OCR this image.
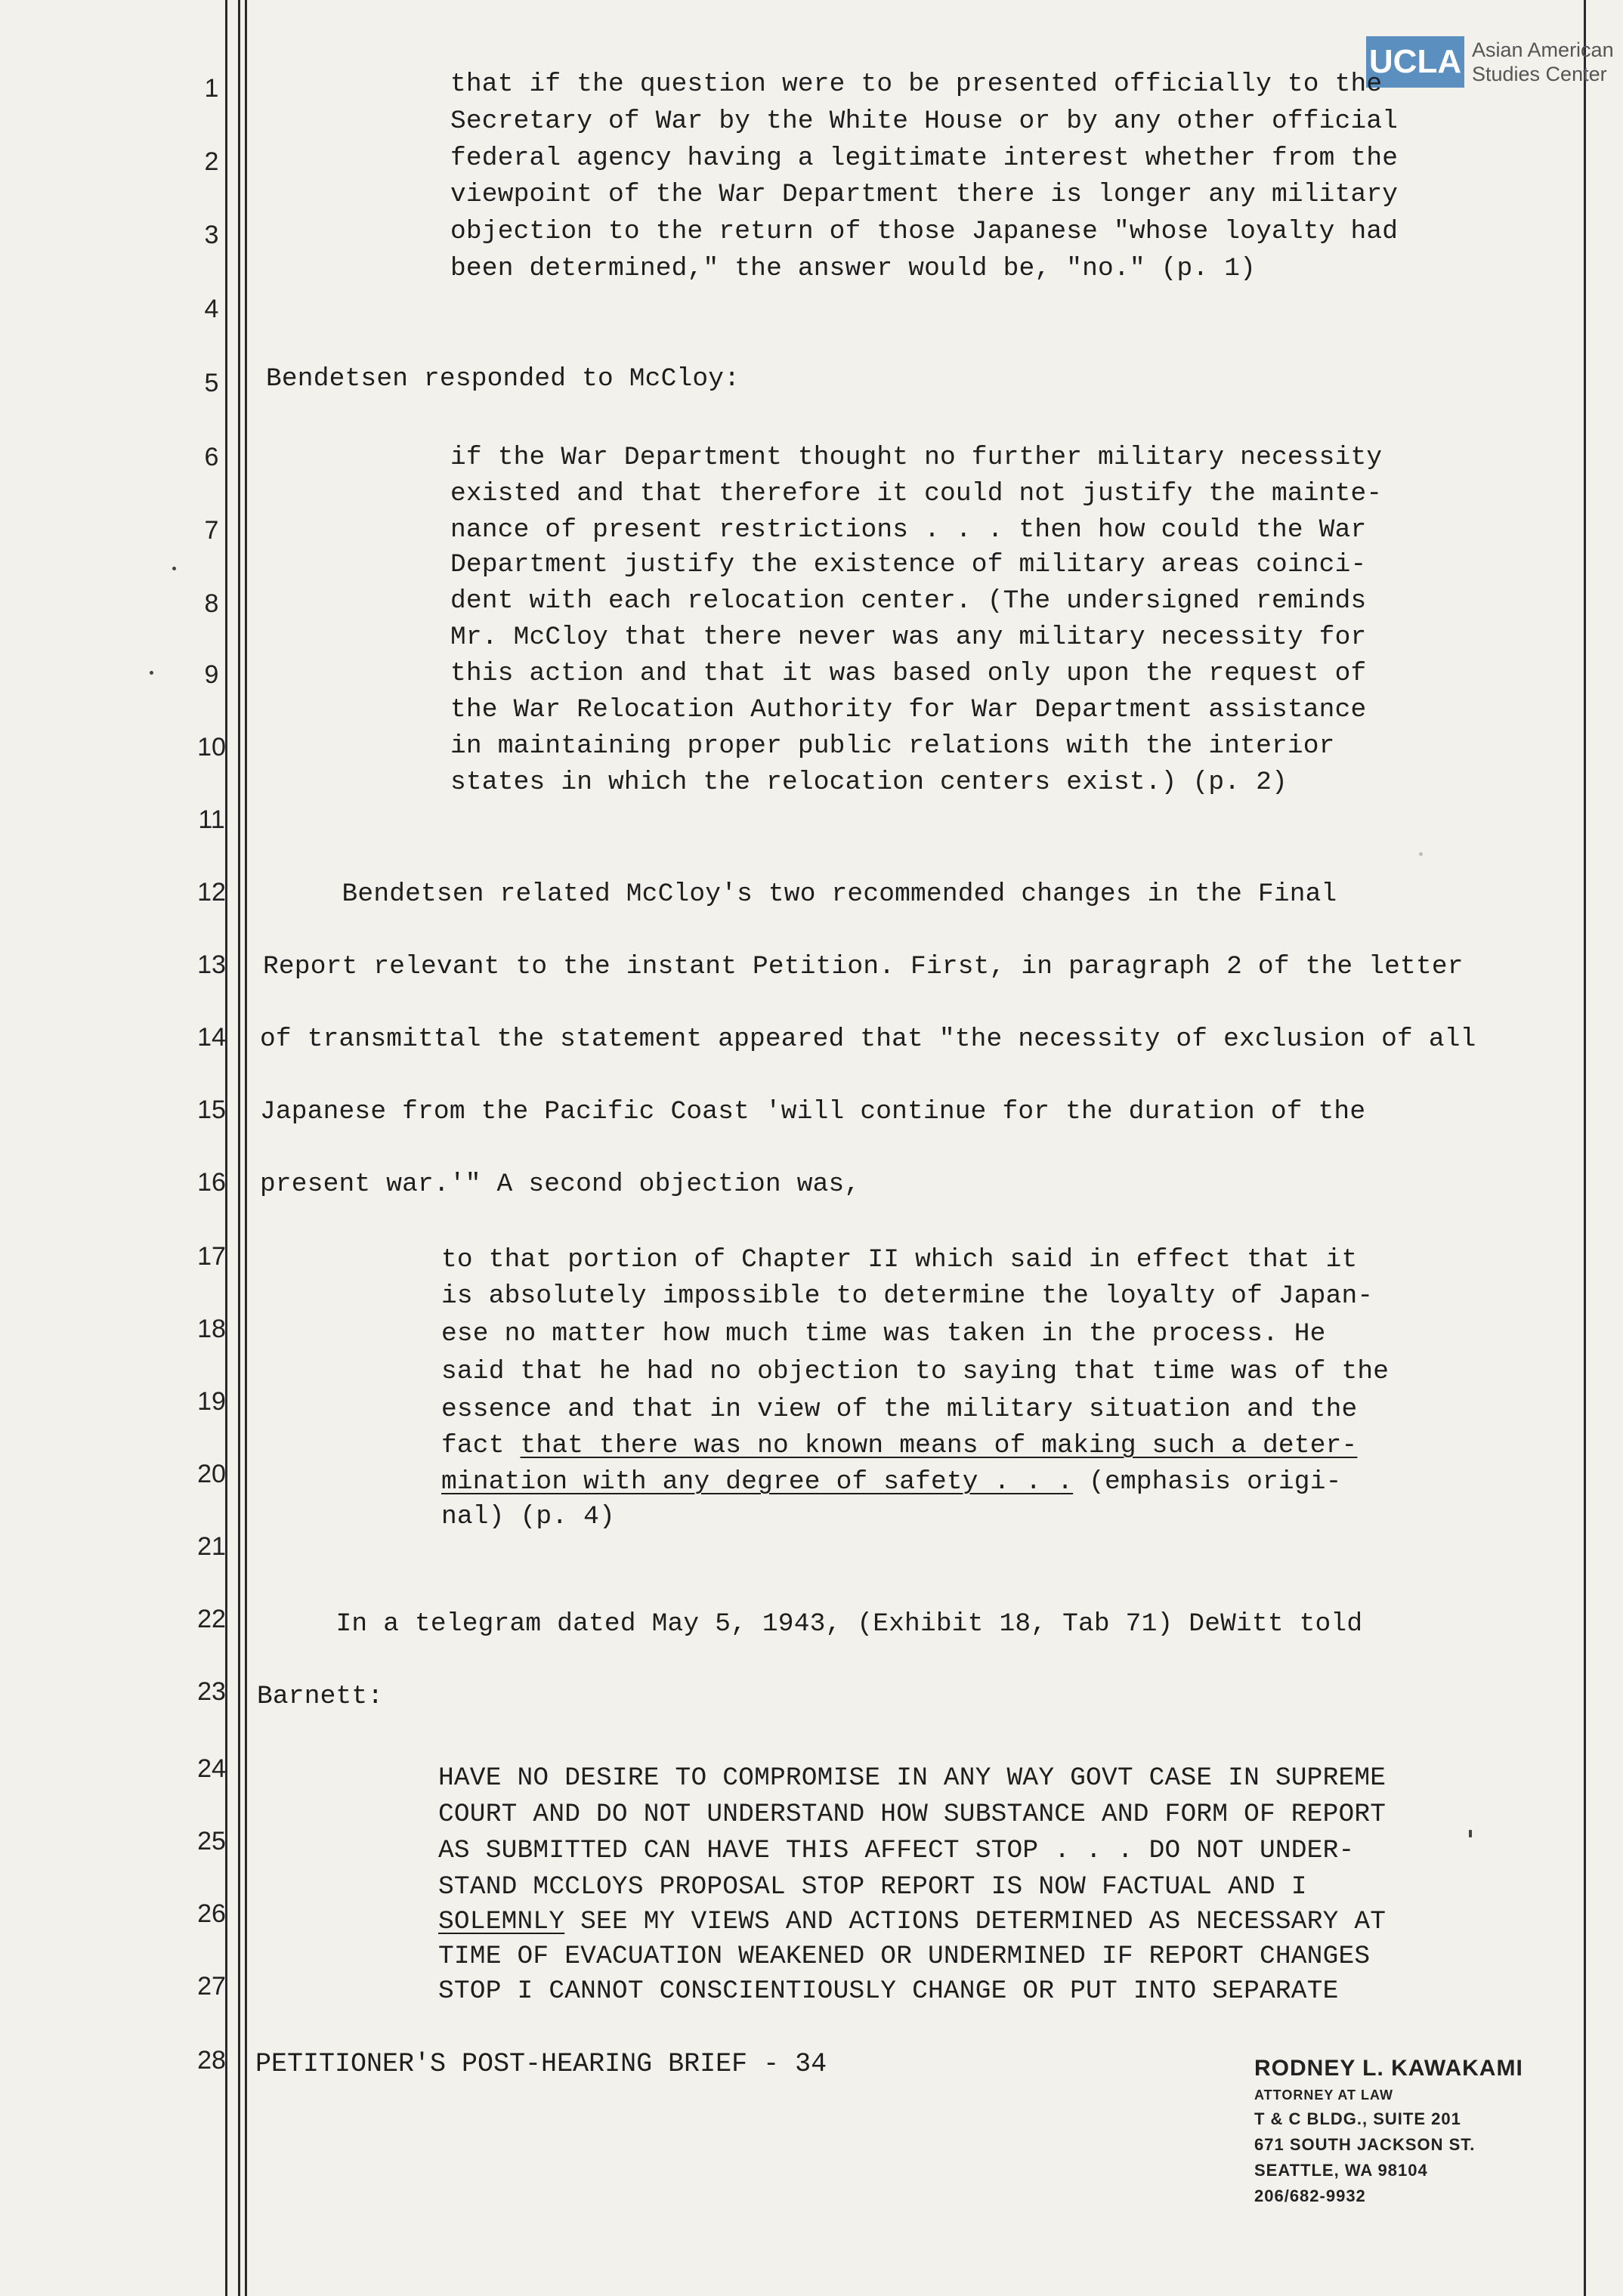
UCLA Asian American
Studies Center
1
2
3
4
5
6
7
8
9
10
11
12
13
14
15
16
17
18
19
20
21
22
23
24
25
26
27
28
that if the question were to be presented officially to the
Secretary of War by the White House or by any other official
federal agency having a legitimate interest whether from the
viewpoint of the War Department there is longer any military
objection to the return of those Japanese "whose loyalty had
been determined," the answer would be, "no." (p. 1)
Bendetsen responded to McCloy:
if the War Department thought no further military necessity
existed and that therefore it could not justify the mainte-
nance of present restrictions . . . then how could the War
Department justify the existence of military areas coinci-
dent with each relocation center. (The undersigned reminds
Mr. McCloy that there never was any military necessity for
this action and that it was based only upon the request of
the War Relocation Authority for War Department assistance
in maintaining proper public relations with the interior
states in which the relocation centers exist.) (p. 2)
Bendetsen related McCloy's two recommended changes in the Final
Report relevant to the instant Petition. First, in paragraph 2 of the letter
of transmittal the statement appeared that "the necessity of exclusion of all
Japanese from the Pacific Coast 'will continue for the duration of the
present war.'" A second objection was,
to that portion of Chapter II which said in effect that it
is absolutely impossible to determine the loyalty of Japan-
ese no matter how much time was taken in the process. He
said that he had no objection to saying that time was of the
essence and that in view of the military situation and the
fact that there was no known means of making such a deter-
mination with any degree of safety . . . (emphasis origi-
nal) (p. 4)
In a telegram dated May 5, 1943, (Exhibit 18, Tab 71) DeWitt told
Barnett:
HAVE NO DESIRE TO COMPROMISE IN ANY WAY GOVT CASE IN SUPREME
COURT AND DO NOT UNDERSTAND HOW SUBSTANCE AND FORM OF REPORT
AS SUBMITTED CAN HAVE THIS AFFECT STOP . . . DO NOT UNDER-
STAND MCCLOYS PROPOSAL STOP REPORT IS NOW FACTUAL AND I
SOLEMNLY SEE MY VIEWS AND ACTIONS DETERMINED AS NECESSARY AT
TIME OF EVACUATION WEAKENED OR UNDERMINED IF REPORT CHANGES
STOP I CANNOT CONSCIENTIOUSLY CHANGE OR PUT INTO SEPARATE
PETITIONER'S POST-HEARING BRIEF - 34	RODNEY L. KAWAKAMI
ATTORNEY AT LAW
T & C BLDG., SUITE 201
671 SOUTH JACKSON ST.
SEATTLE, WA 98104
206/682-9932
